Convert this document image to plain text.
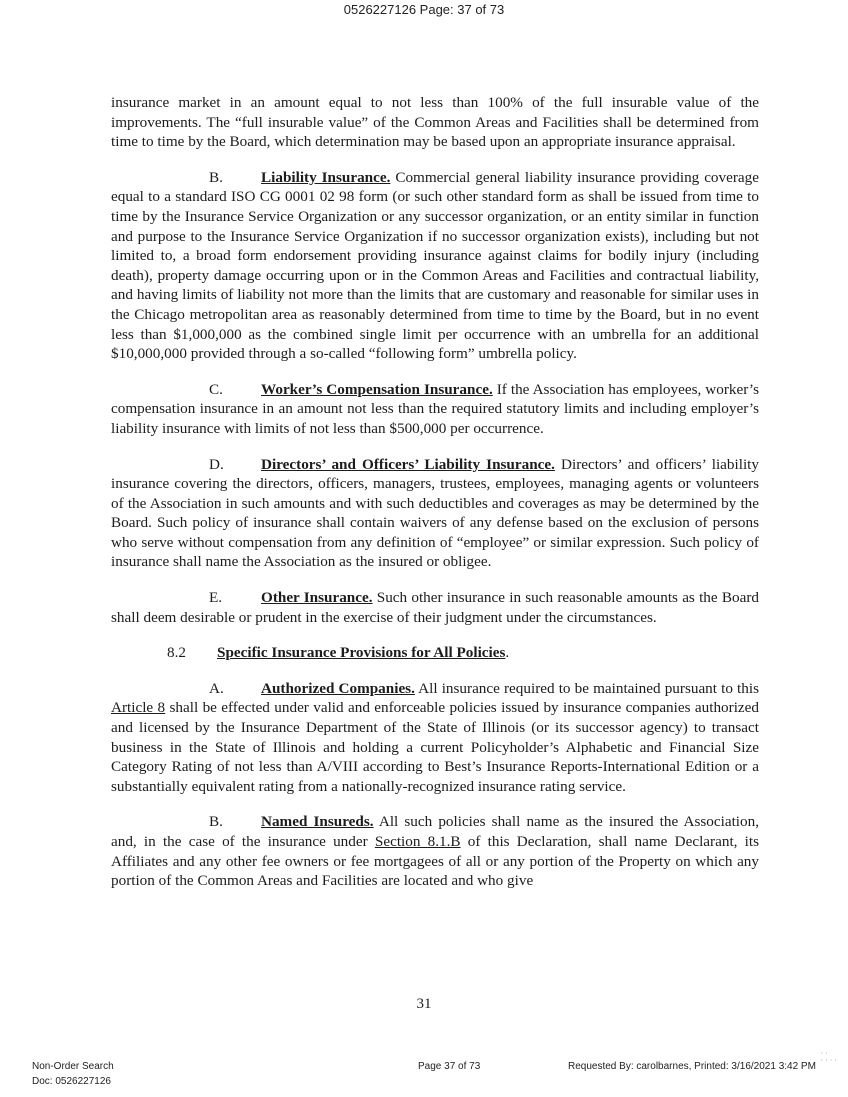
0526227126 Page: 37 of 73

insurance market in an amount equal to not less than 100% of the full insurable value of the improvements. The “full insurable value” of the Common Areas and Facilities shall be determined from time to time by the Board, which determination may be based upon an appropriate insurance appraisal.

B.	Liability Insurance. Commercial general liability insurance providing coverage equal to a standard ISO CG 0001 02 98 form (or such other standard form as shall be issued from time to time by the Insurance Service Organization or any successor organization, or an entity similar in function and purpose to the Insurance Service Organization if no successor organization exists), including but not limited to, a broad form endorsement providing insurance against claims for bodily injury (including death), property damage occurring upon or in the Common Areas and Facilities and contractual liability, and having limits of liability not more than the limits that are customary and reasonable for similar uses in the Chicago metropolitan area as reasonably determined from time to time by the Board, but in no event less than $1,000,000 as the combined single limit per occurrence with an umbrella for an additional $10,000,000 provided through a so-called “following form” umbrella policy.

C.	Worker’s Compensation Insurance. If the Association has employees, worker’s compensation insurance in an amount not less than the required statutory limits and including employer’s liability insurance with limits of not less than $500,000 per occurrence.

D. Directors’ and Officers’ Liability Insurance. Directors’ and officers’ liability insurance covering the directors, officers, managers, trustees, employees, managing agents or volunteers of the Association in such amounts and with such deductibles and coverages as may be determined by the Board. Such policy of insurance shall contain waivers of any defense based on the exclusion of persons who serve without compensation from any definition of “employee” or similar expression. Such policy of insurance shall name the Association as the insured or obligee.

E.	Other Insurance. Such other insurance in such reasonable amounts as the Board shall deem desirable or prudent in the exercise of their judgment under the circumstances.

8.2 Specific Insurance Provisions for All Policies.

A. Authorized Companies. All insurance required to be maintained pursuant to this Article 8 shall be effected under valid and enforceable policies issued by insurance companies authorized and licensed by the Insurance Department of the State of Illinois (or its successor agency) to transact business in the State of Illinois and holding a current Policyholder’s Alphabetic and Financial Size Category Rating of not less than A/VIII according to Best’s Insurance Reports-International Edition or a substantially equivalent rating from a nationally-recognized insurance rating service.

B.	Named Insureds. All such policies shall name as the insured the Association, and, in the case of the insurance under Section 8.1.B of this Declaration, shall name Declarant, its Affiliates and any other fee owners or fee mortgagees of all or any portion of the Property on which any portion of the Common Areas and Facilities are located and who give

31
Non-Order Search
Doc: 0526227126
Page 37 of 73	Requested By: carolbarnes, Printed: 3/16/2021 3:42 PM
·· ····
